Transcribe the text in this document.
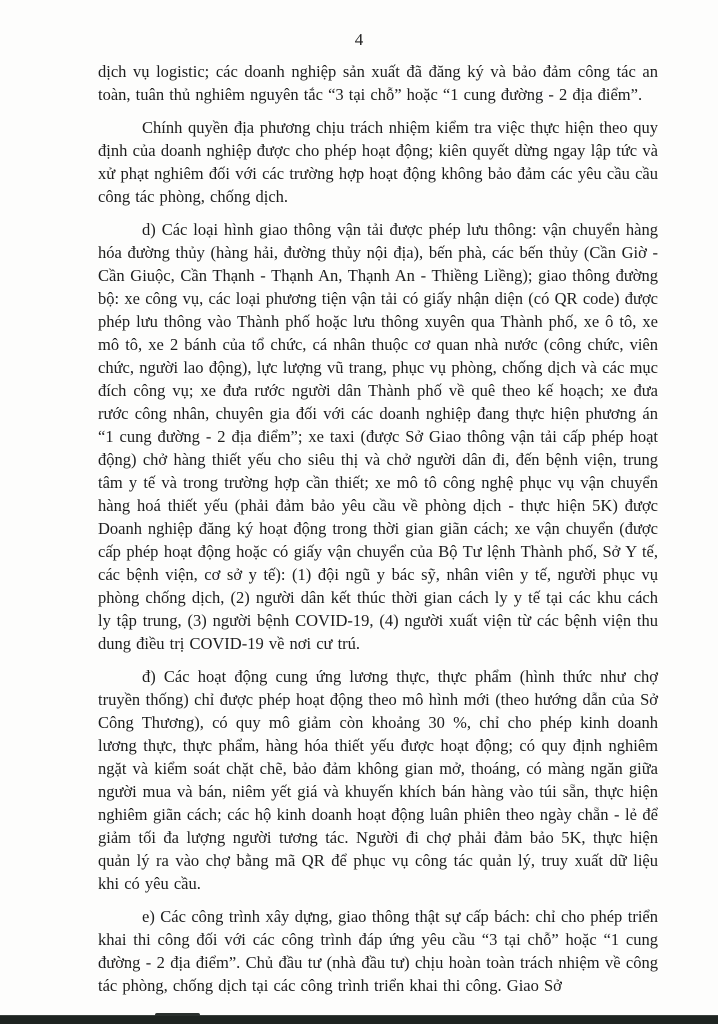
4

dịch vụ logistic; các doanh nghiệp sản xuất đã đăng ký và bảo đảm công tác an toàn, tuân thủ nghiêm nguyên tắc “3 tại chỗ” hoặc “1 cung đường - 2 địa điểm”.

Chính quyền địa phương chịu trách nhiệm kiểm tra việc thực hiện theo quy định của doanh nghiệp được cho phép hoạt động; kiên quyết dừng ngay lập tức và xử phạt nghiêm đối với các trường hợp hoạt động không bảo đảm các yêu cầu cầu công tác phòng, chống dịch.

d) Các loại hình giao thông vận tải được phép lưu thông: vận chuyển hàng hóa đường thủy (hàng hải, đường thủy nội địa), bến phà, các bến thủy (Cần Giờ - Cần Giuộc, Cần Thạnh - Thạnh An, Thạnh An - Thiềng Liềng); giao thông đường bộ: xe công vụ, các loại phương tiện vận tải có giấy nhận diện (có QR code) được phép lưu thông vào Thành phố hoặc lưu thông xuyên qua Thành phố, xe ô tô, xe mô tô, xe 2 bánh của tổ chức, cá nhân thuộc cơ quan nhà nước (công chức, viên chức, người lao động), lực lượng vũ trang, phục vụ phòng, chống dịch và các mục đích công vụ; xe đưa rước người dân Thành phố về quê theo kế hoạch; xe đưa rước công nhân, chuyên gia đối với các doanh nghiệp đang thực hiện phương án “1 cung đường - 2 địa điểm”; xe taxi (được Sở Giao thông vận tải cấp phép hoạt động) chở hàng thiết yếu cho siêu thị và chở người dân đi, đến bệnh viện, trung tâm y tế và trong trường hợp cần thiết; xe mô tô công nghệ phục vụ vận chuyển hàng hoá thiết yếu (phải đảm bảo yêu cầu về phòng dịch - thực hiện 5K) được Doanh nghiệp đăng ký hoạt động trong thời gian giãn cách; xe vận chuyển (được cấp phép hoạt động hoặc có giấy vận chuyển của Bộ Tư lệnh Thành phố, Sở Y tế, các bệnh viện, cơ sở y tế): (1) đội ngũ y bác sỹ, nhân viên y tế, người phục vụ phòng chống dịch, (2) người dân kết thúc thời gian cách ly y tế tại các khu cách ly tập trung, (3) người bệnh COVID-19, (4) người xuất viện từ các bệnh viện thu dung điều trị COVID-19 về nơi cư trú.

đ) Các hoạt động cung ứng lương thực, thực phẩm (hình thức như chợ truyền thống) chỉ được phép hoạt động theo mô hình mới (theo hướng dẫn của Sở Công Thương), có quy mô giảm còn khoảng 30 %, chỉ cho phép kinh doanh lương thực, thực phẩm, hàng hóa thiết yếu được hoạt động; có quy định nghiêm ngặt và kiểm soát chặt chẽ, bảo đảm không gian mở, thoáng, có màng ngăn giữa người mua và bán, niêm yết giá và khuyến khích bán hàng vào túi sẵn, thực hiện nghiêm giãn cách; các hộ kinh doanh hoạt động luân phiên theo ngày chẵn - lẻ để giảm tối đa lượng người tương tác. Người đi chợ phải đảm bảo 5K, thực hiện quản lý ra vào chợ bằng mã QR để phục vụ công tác quản lý, truy xuất dữ liệu khi có yêu cầu.

e) Các công trình xây dựng, giao thông thật sự cấp bách: chỉ cho phép triển khai thi công đối với các công trình đáp ứng yêu cầu “3 tại chỗ” hoặc “1 cung đường - 2 địa điểm”. Chủ đầu tư (nhà đầu tư) chịu hoàn toàn trách nhiệm về công tác phòng, chống dịch tại các công trình triển khai thi công. Giao Sở
